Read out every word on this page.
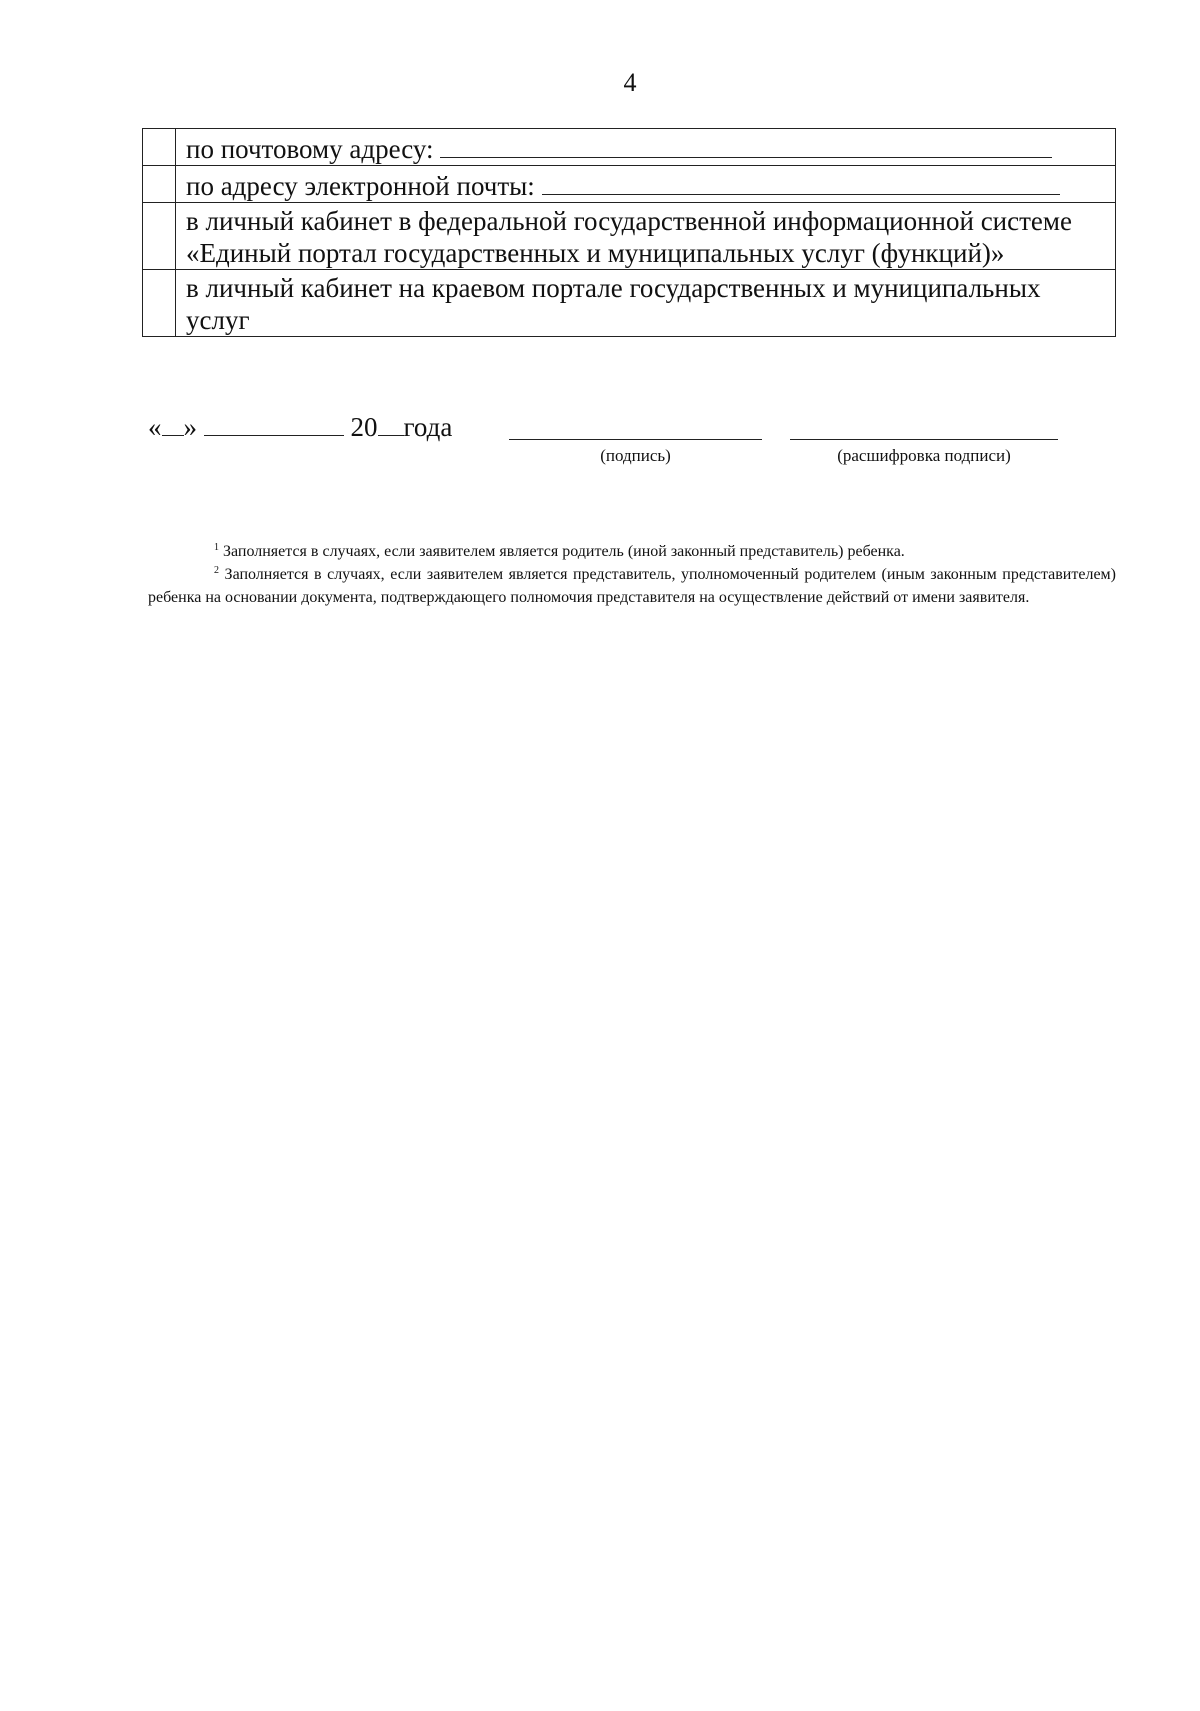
4
	по почтовому адресу:
	по адресу электронной почты:
	в личный кабинет в федеральной государственной информационной системе «Единый портал государственных и муниципальных услуг (функций)»
	в личный кабинет на краевом портале государственных и муниципальных услуг
« »	20 года
(подпись)	(расшифровка подписи)

$^1$ Заполняется в случаях, если заявителем является родитель (иной законный представитель) ребенка.

$^2$ Заполняется в случаях, если заявителем является представитель, уполномоченный родителем (иным законным представителем) ребенка на основании документа, подтверждающего полномочия представителя на осуществление действий от имени заявителя.
